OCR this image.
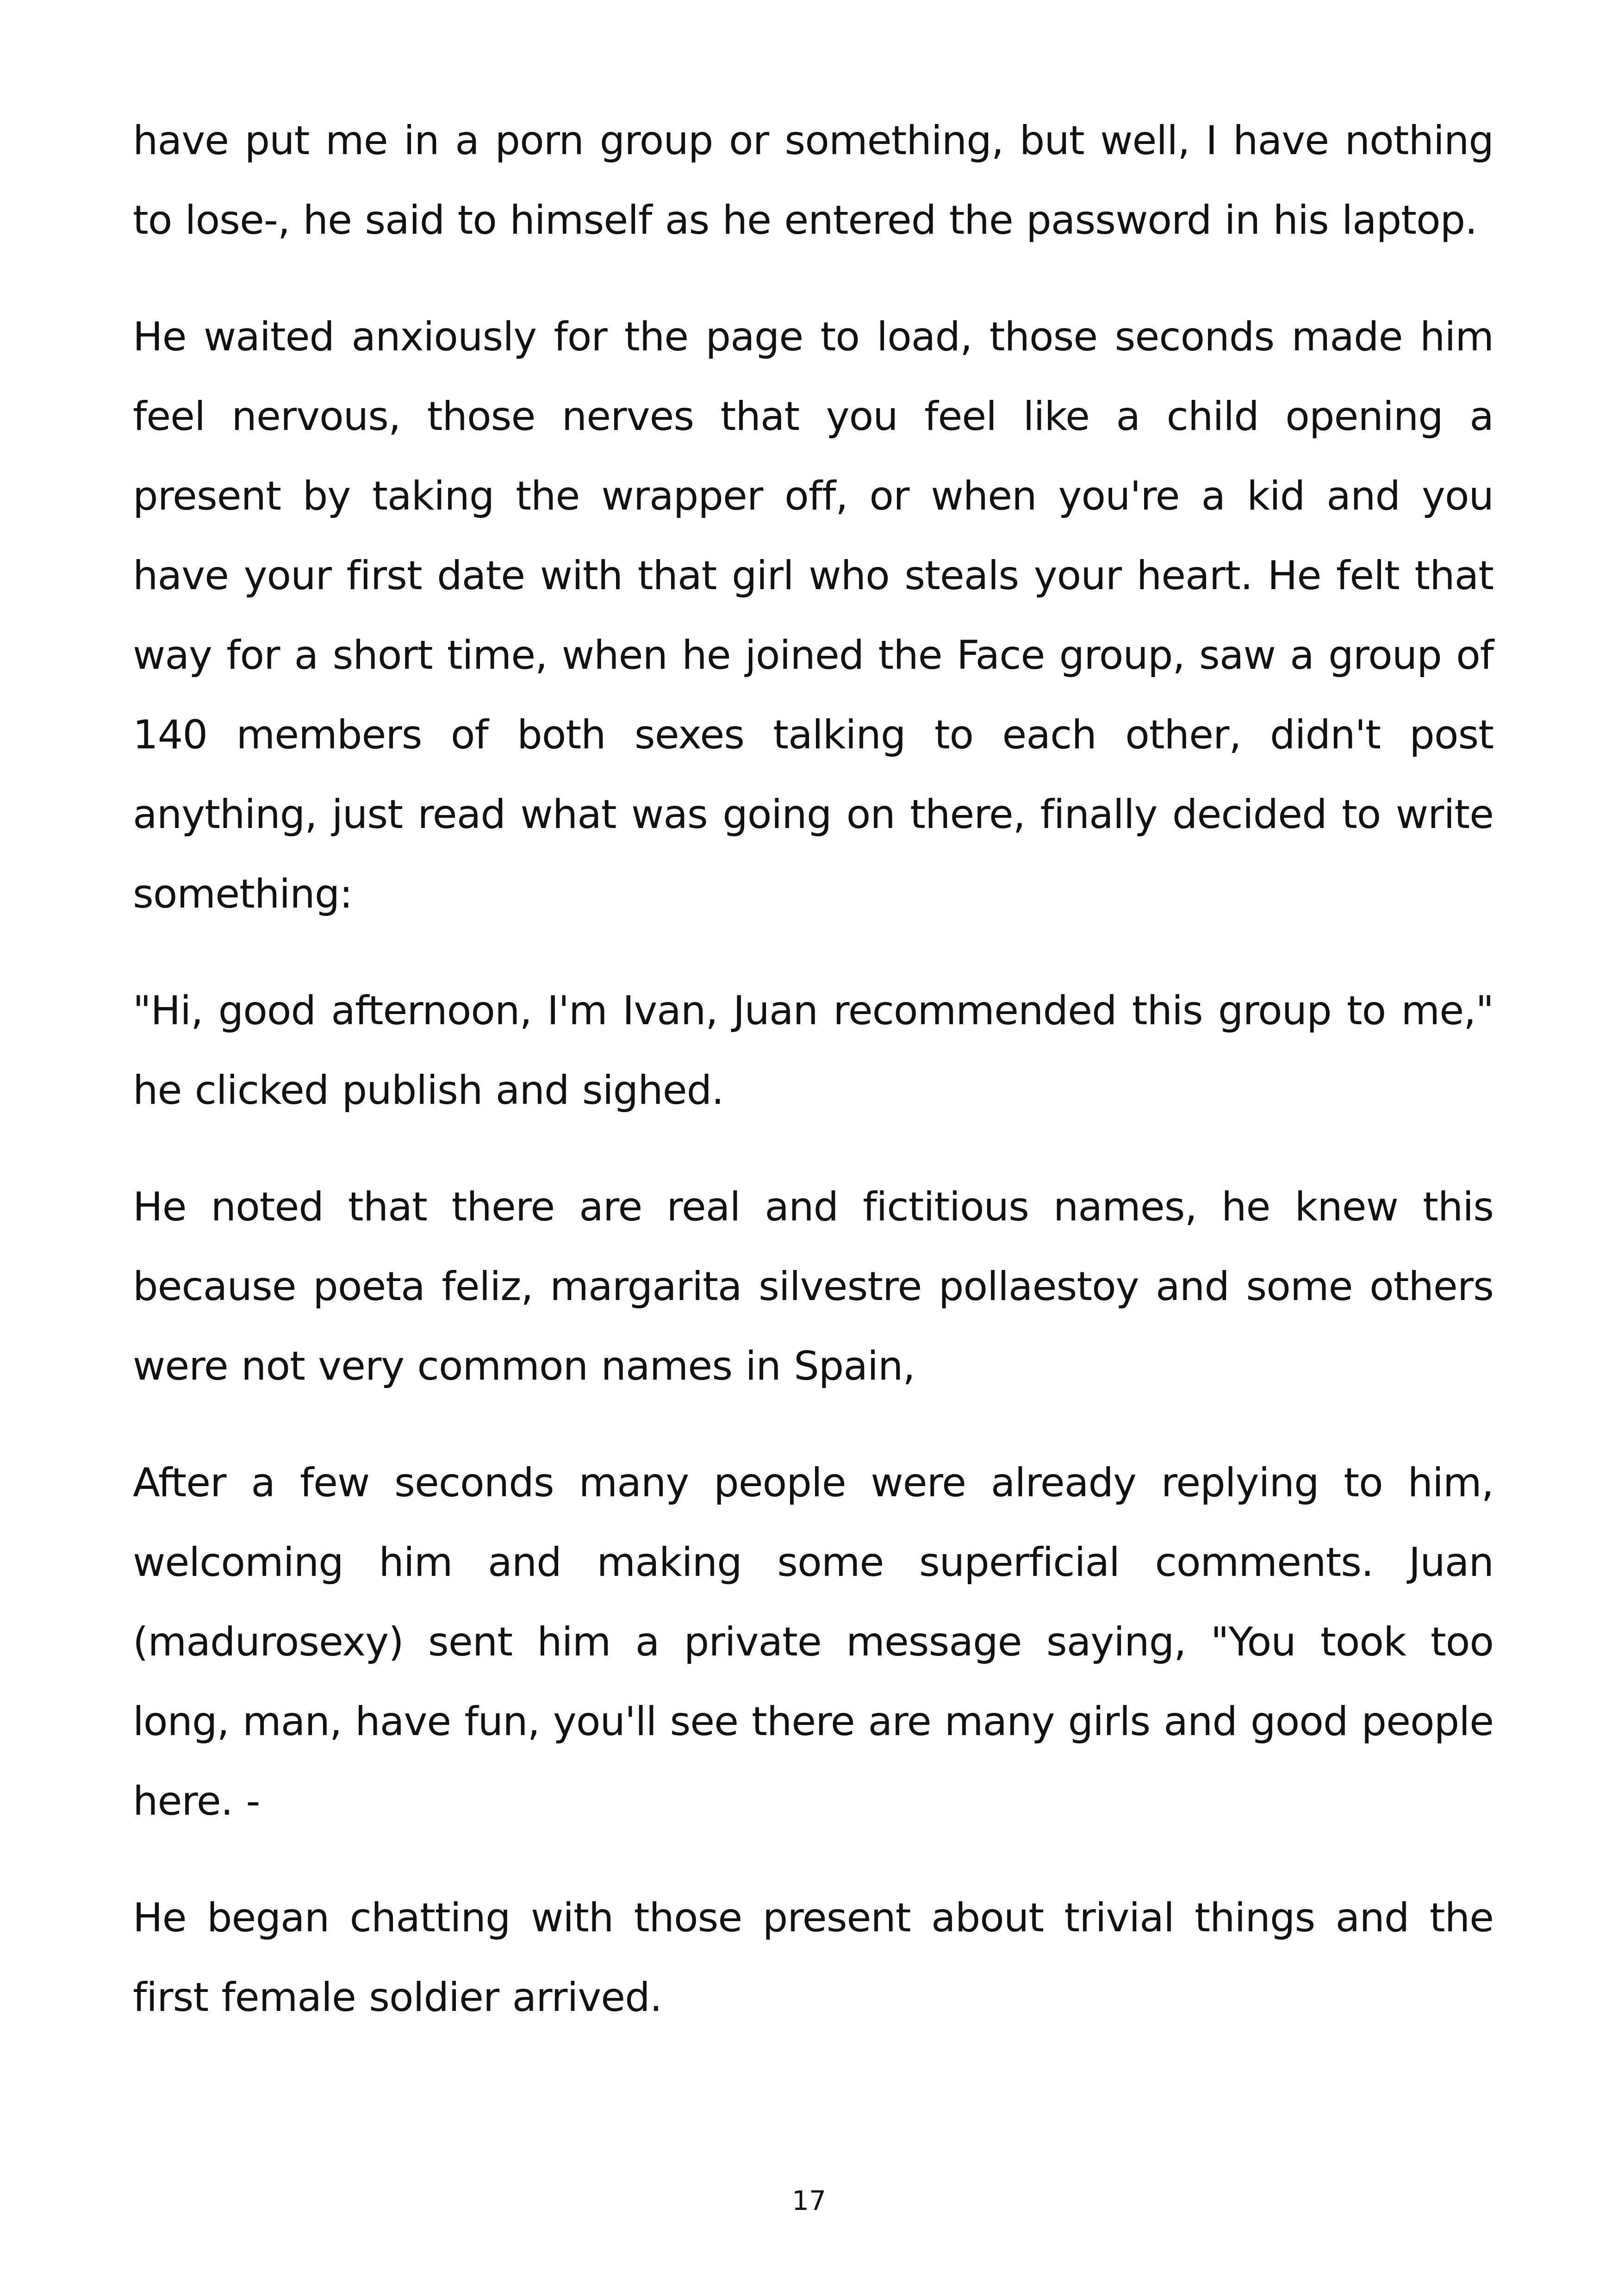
have put me in a porn group or something, but well, I have nothing to lose-, he said to himself as he entered the password in his laptop.

He waited anxiously for the page to load, those seconds made him feel nervous, those nerves that you feel like a child opening a present by taking the wrapper off, or when you're a kid and you have your first date with that girl who steals your heart. He felt that way for a short time, when he joined the Face group, saw a group of 140 members of both sexes talking to each other, didn't post anything, just read what was going on there, finally decided to write something:

"Hi, good afternoon, I'm Ivan, Juan recommended this group to me," he clicked publish and sighed.

He noted that there are real and fictitious names, he knew this because poeta feliz, margarita silvestre pollaestoy and some others were not very common names in Spain,

After a few seconds many people were already replying to him, welcoming him and making some superficial comments. Juan (madurosexy) sent him a private message saying, "You took too long, man, have fun, you'll see there are many girls and good people here. -

He began chatting with those present about trivial things and the first female soldier arrived.

17
